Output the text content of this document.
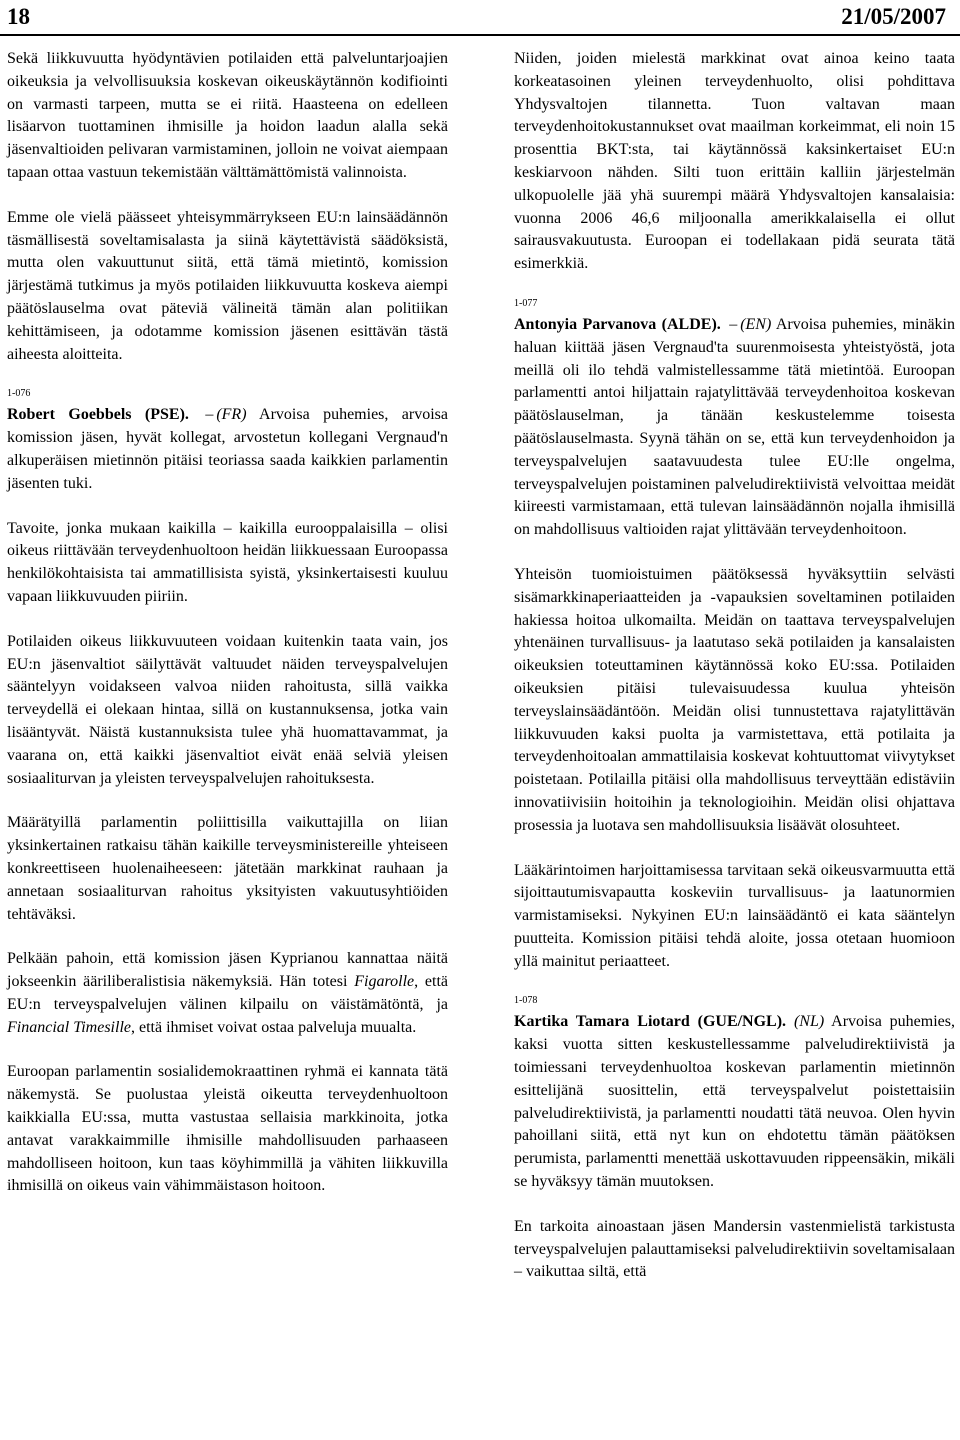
18	21/05/2007

Sekä liikkuvuutta hyödyntävien potilaiden että palveluntarjoajien oikeuksia ja velvollisuuksia koskevan oikeuskäytännön kodifiointi on varmasti tarpeen, mutta se ei riitä. Haasteena on edelleen lisäarvon tuottaminen ihmisille ja hoidon laadun alalla sekä jäsenvaltioiden pelivaran varmistaminen, jolloin ne voivat aiempaan tapaan ottaa vastuun tekemistään välttämättömistä valinnoista.

Emme ole vielä päässeet yhteisymmärrykseen EU:n lainsäädännön täsmällisestä soveltamisalasta ja siinä käytettävistä säädöksistä, mutta olen vakuuttunut siitä, että tämä mietintö, komission järjestämä tutkimus ja myös potilaiden liikkuvuutta koskeva aiempi päätöslauselma ovat päteviä välineitä tämän alan politiikan kehittämiseen, ja odotamme komission jäsenen esittävän tästä aiheesta aloitteita.

1-076

Robert Goebbels (PSE). – (FR) Arvoisa puhemies, arvoisa komission jäsen, hyvät kollegat, arvostetun kollegani Vergnaud'n alkuperäisen mietinnön pitäisi teoriassa saada kaikkien parlamentin jäsenten tuki.

Tavoite, jonka mukaan kaikilla – kaikilla eurooppalaisilla – olisi oikeus riittävään terveydenhuoltoon heidän liikkuessaan Euroopassa henkilökohtaisista tai ammatillisista syistä, yksinkertaisesti kuuluu vapaan liikkuvuuden piiriin.

Potilaiden oikeus liikkuvuuteen voidaan kuitenkin taata vain, jos EU:n jäsenvaltiot säilyttävät valtuudet näiden terveyspalvelujen sääntelyyn voidakseen valvoa niiden rahoitusta, sillä vaikka terveydellä ei olekaan hintaa, sillä on kustannuksensa, jotka vain lisääntyvät. Näistä kustannuksista tulee yhä huomattavammat, ja vaarana on, että kaikki jäsenvaltiot eivät enää selviä yleisen sosiaaliturvan ja yleisten terveyspalvelujen rahoituksesta.

Määrätyillä parlamentin poliittisilla vaikuttajilla on liian yksinkertainen ratkaisu tähän kaikille terveysministereille yhteiseen konkreettiseen huolenaiheeseen: jätetään markkinat rauhaan ja annetaan sosiaaliturvan rahoitus yksityisten vakuutusyhtiöiden tehtäväksi.

Pelkään pahoin, että komission jäsen Kyprianou kannattaa näitä jokseenkin ääriliberalistisia näkemyksiä. Hän totesi Figarolle, että EU:n terveyspalvelujen välinen kilpailu on väistämätöntä, ja Financial Timesille, että ihmiset voivat ostaa palveluja muualta.

Euroopan parlamentin sosialidemokraattinen ryhmä ei kannata tätä näkemystä. Se puolustaa yleistä oikeutta terveydenhuoltoon kaikkialla EU:ssa, mutta vastustaa sellaisia markkinoita, jotka antavat varakkaimmille ihmisille mahdollisuuden parhaaseen mahdolliseen hoitoon, kun taas köyhimmillä ja vähiten liikkuvilla ihmisillä on oikeus vain vähimmäistason hoitoon.

Niiden, joiden mielestä markkinat ovat ainoa keino taata korkeatasoinen yleinen terveydenhuolto, olisi pohdittava Yhdysvaltojen tilannetta. Tuon valtavan maan terveydenhoitokustannukset ovat maailman korkeimmat, eli noin 15 prosenttia BKT:sta, tai käytännössä kaksinkertaiset EU:n keskiarvoon nähden. Silti tuon erittäin kalliin järjestelmän ulkopuolelle jää yhä suurempi määrä Yhdysvaltojen kansalaisia: vuonna 2006 46,6 miljoonalla amerikkalaisella ei ollut sairausvakuutusta. Euroopan ei todellakaan pidä seurata tätä esimerkkiä.

1-077

Antonyia Parvanova (ALDE). – (EN) Arvoisa puhemies, minäkin haluan kiittää jäsen Vergnaud'ta suurenmoisesta yhteistyöstä, jota meillä oli ilo tehdä valmistellessamme tätä mietintöä. Euroopan parlamentti antoi hiljattain rajatylittävää terveydenhoitoa koskevan päätöslauselman, ja tänään keskustelemme toisesta päätöslauselmasta. Syynä tähän on se, että kun terveydenhoidon ja terveyspalvelujen saatavuudesta tulee EU:lle ongelma, terveyspalvelujen poistaminen palveludirektiivistä velvoittaa meidät kiireesti varmistamaan, että tulevan lainsäädännön nojalla ihmisillä on mahdollisuus valtioiden rajat ylittävään terveydenhoitoon.

Yhteisön tuomioistuimen päätöksessä hyväksyttiin selvästi sisämarkkinaperiaatteiden ja -vapauksien soveltaminen potilaiden hakiessa hoitoa ulkomailta. Meidän on taattava terveyspalvelujen yhtenäinen turvallisuus- ja laatutaso sekä potilaiden ja kansalaisten oikeuksien toteuttaminen käytännössä koko EU:ssa. Potilaiden oikeuksien pitäisi tulevaisuudessa kuulua yhteisön terveyslainsäädäntöön. Meidän olisi tunnustettava rajatylittävän liikkuvuuden kaksi puolta ja varmistettava, että potilaita ja terveydenhoitoalan ammattilaisia koskevat kohtuuttomat viivytykset poistetaan. Potilailla pitäisi olla mahdollisuus terveyttään edistäviin innovatiivisiin hoitoihin ja teknologioihin. Meidän olisi ohjattava prosessia ja luotava sen mahdollisuuksia lisäävät olosuhteet.

Lääkärintoimen harjoittamisessa tarvitaan sekä oikeusvarmuutta että sijoittautumisvapautta koskeviin turvallisuus- ja laatunormien varmistamiseksi. Nykyinen EU:n lainsäädäntö ei kata sääntelyn puutteita. Komission pitäisi tehdä aloite, jossa otetaan huomioon yllä mainitut periaatteet.

1-078

Kartika Tamara Liotard (GUE/NGL). (NL) Arvoisa puhemies, kaksi vuotta sitten keskustellessamme palveludirektiivistä ja toimiessani terveydenhuoltoa koskevan parlamentin mietinnön esittelijänä suosittelin, että terveyspalvelut poistettaisiin palveludirektiivistä, ja parlamentti noudatti tätä neuvoa. Olen hyvin pahoillani siitä, että nyt kun on ehdotettu tämän päätöksen perumista, parlamentti menettää uskottavuuden rippeensäkin, mikäli se hyväksyy tämän muutoksen.

En tarkoita ainoastaan jäsen Mandersin vastenmielistä tarkistusta terveyspalvelujen palauttamiseksi palveludirektiivin soveltamisalaan – vaikuttaa siltä, että
